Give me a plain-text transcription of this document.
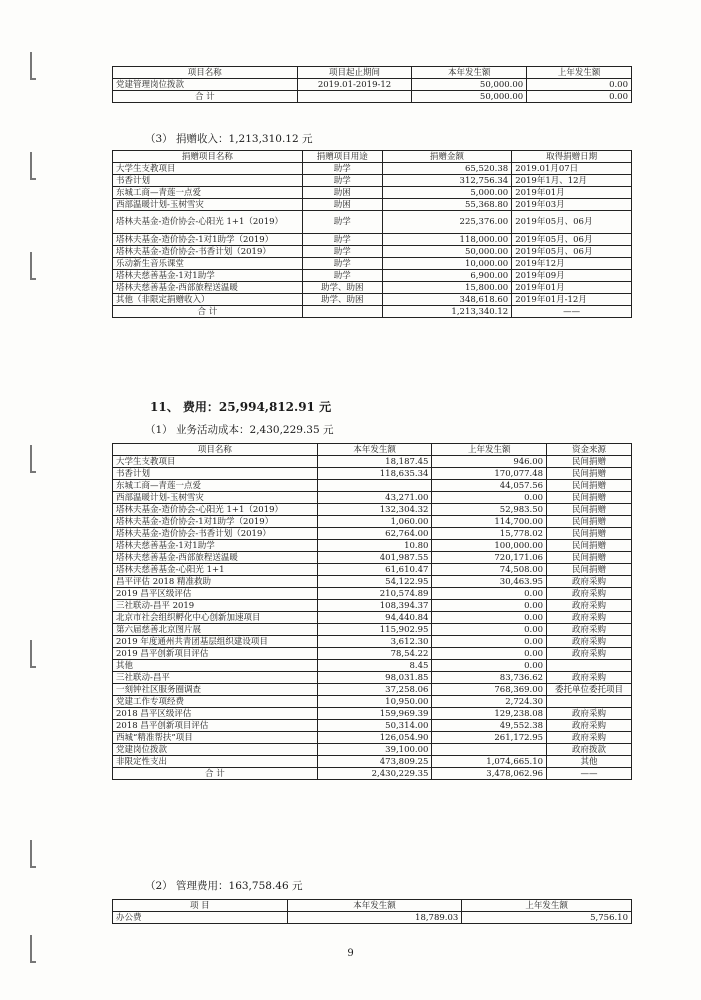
项目名称	项目起止期间	本年发生额	上年发生额
党建管理岗位拨款	2019.01-2019-12	50,000.00	0.00
合 计		50,000.00	0.00
（3） 捐赠收入：1,213,310.12 元
捐赠项目名称	捐赠项目用途	捐赠金额	取得捐赠日期
大学生支教项目	助学	65,520.38	2019.01月07日
书香计划	助学	312,756.34	2019年1月、12月
东城工商—青莲一点爱	助困	5,000.00	2019年01月
西部温暖计划-玉树雪灾	助困	55,368.80	2019年03月
塔林夫基金-造价协会-心阳光 1+1（2019）	助学	225,376.00	2019年05月、06月
塔林夫基金-造价协会-1对1助学（2019）	助学	118,000.00	2019年05月、06月
塔林夫基金-造价协会-书香计划（2019）	助学	50,000.00	2019年05月、06月
乐动新生音乐课堂	助学	10,000.00	2019年12月
塔林夫慈善基金-1对1助学	助学	6,900.00	2019年09月
塔林夫慈善基金-西部旅程送温暖	助学、助困	15,800.00	2019年01月
其他（非限定捐赠收入）	助学、助困	348,618.60	2019年01月-12月
合 计		1,213,340.12	——
11、 费用：25,994,812.91 元
（1） 业务活动成本：2,430,229.35 元
项目名称	本年发生额	上年发生额	资金来源
大学生支教项目	18,187.45	946.00	民间捐赠
书香计划	118,635.34	170,077.48	民间捐赠
东城工商—青莲一点爱		44,057.56	民间捐赠
西部温暖计划-玉树雪灾	43,271.00	0.00	民间捐赠
塔林夫基金-造价协会-心阳光 1+1（2019）	132,304.32	52,983.50	民间捐赠
塔林夫基金-造价协会-1对1助学（2019）	1,060.00	114,700.00	民间捐赠
塔林夫基金-造价协会-书香计划（2019）	62,764.00	15,778.02	民间捐赠
塔林夫慈善基金-1对1助学	10.80	100,000.00	民间捐赠
塔林夫慈善基金-西部旅程送温暖	401,987.55	720,171.06	民间捐赠
塔林夫慈善基金-心阳光 1+1	61,610.47	74,508.00	民间捐赠
昌平评估 2018 精准救助	54,122.95	30,463.95	政府采购
2019 昌平区级评估	210,574.89	0.00	政府采购
三社联动-昌平 2019	108,394.37	0.00	政府采购
北京市社会组织孵化中心创新加速项目	94,440.84	0.00	政府采购
第六届慈善北京图片展	115,902.95	0.00	政府采购
2019 年度通州共青团基层组织建设项目	3,612.30	0.00	政府采购
2019 昌平创新项目评估	78,54.22	0.00	政府采购
其他	8.45	0.00	
三社联动-昌平	98,031.85	83,736.62	政府采购
一刻钟社区服务圈调查	37,258.06	768,369.00	委托单位委托项目
党建工作专项经费	10,950.00	2,724.30	
2018 昌平区级评估	159,969.39	129,238.08	政府采购
2018 昌平创新项目评估	50,314.00	49,552.38	政府采购
西城“精准帮扶”项目	126,054.90	261,172.95	政府采购
党建岗位拨款	39,100.00		政府拨款
非限定性支出	473,809.25	1,074,665.10	其他
合 计	2,430,229.35	3,478,062.96	——
（2） 管理费用：163,758.46 元
项 目	本年发生额	上年发生额
办公费	18,789.03	5,756.10
9
